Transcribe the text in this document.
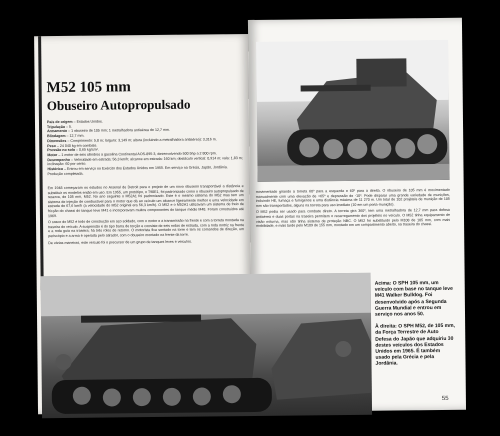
M52 105 mm
Obuseiro Autopropulsado
País de origem – Estados Unidos.
Tripulação – 5.
Armamento – 1 obuseiro de 105 mm; 1 metralhadora antiaérea de 12,7 mm.
Blindagem – 12,7 mm.
Dimensões – Comprimento: 5,8 m; largura: 3,149 m; altura (incluindo a metralhadora antiaérea): 3,316 m.
Peso – 24 040 kg em combate.
Pressão no solo – 0,65 kg/cm².
Motor – 1 motor de seis cilindros a gasolina Continental AOS-895-3, desenvolvendo 500 bhp a 2 800 rpm.
Desempenho – Velocidade em estrada: 56,3 km/h; alcance em estrada: 160 km; obstáculo vertical: 0,914 m; vala: 1,83 m; inclinação: 60 por cento.
Histórico – Entrou em serviço no Exército dos Estados Unidos em 1955. Em serviço na Grécia, Japão, Jordânia. Produção completada.

Em 1948 começaram os estudos no Arsenal de Detroit para o projeto de um novo obuseiro transportável a distância e substituir os modelos então em uso. Em 1955, um protótipo, o T98E1, foi padronizado como o obuseiro autopropulsado de reserva, de 105 mm, M52. No ano seguinte o M52A1 foi padronizado. Este é o mesmo sistema do M52 mas tem um sistema de injeção de combustível para o motor que dá ao veículo um alcance ligeiramente melhor e uma velocidade em estrada de 67,6 km/h (a velocidade do M52 original era 56,3 km/h). O M52 e o M52A1 utilizavam um sistema de freio de fricção do chassi do tanque leve M41 e incorporavam muitos componentes do tanque médio M48. Foram construídos até 1969.

O casco do M52 é todo de construção em aço soldado, com o motor e a transmissão na frente e com a torreta montada na traseira do veículo. A suspensão é do tipo barra de torção e consiste de seis rodas de estrada, com a roda motriz na frente e a roda guia na traseira; há três rolos de retorno. O motorista fica sentado na torre e tem os comandos de direção, um periscópio e a arma é operada pelo atirador, com o obuseiro montado na frente da torre.

De várias maneiras, este veículo foi o precursor de um grupo de tanques leves e veículos.

movimentado girando a torreta 60º para a esquerda e 60º para a direita. O obuseiro de 105 mm é movimentado manualmente com uma elevação de +65º e depressão de -10º. Pode disparar uma grande variedade de munições, incluindo HE, fumaça e fumígenos e uma distância máxima de 11 270 m. Um total de 102 projéteis de munição de 105 mm são transportados, alguns na torreta para uso imediato (10 em um porta-munição).

O M52 podia ser usado para combate direto. A torreta gira 360º, tem uma metralhadora de 12,7 mm para defesa antiaérea e duas portas na traseira permitem o recarregamento dos projéteis no veículo. O M52 tinha equipamento de visão noturna, mas não tinha sistema de proteção NBC. O M52 foi substituído pelo M108 de 105 mm, com mais mobilidade, e mais tarde pelo M109 de 155 mm, montado em um compartimento aberto, na traseira do chassi.

Acima: O SPH 105 mm, um veículo com base no tanque leve M41 Walker Bulldog. Foi desenvolvido após a Segunda Guerra Mundial e entrou em serviço nos anos 50.

À direita: O SPH M52, de 105 mm, da Força Terrestre de Auto Defesa do Japão que adquiriu 30 destes veículos dos Estados Unidos em 1965. É também usado pela Grécia e pela Jordânia.

55
